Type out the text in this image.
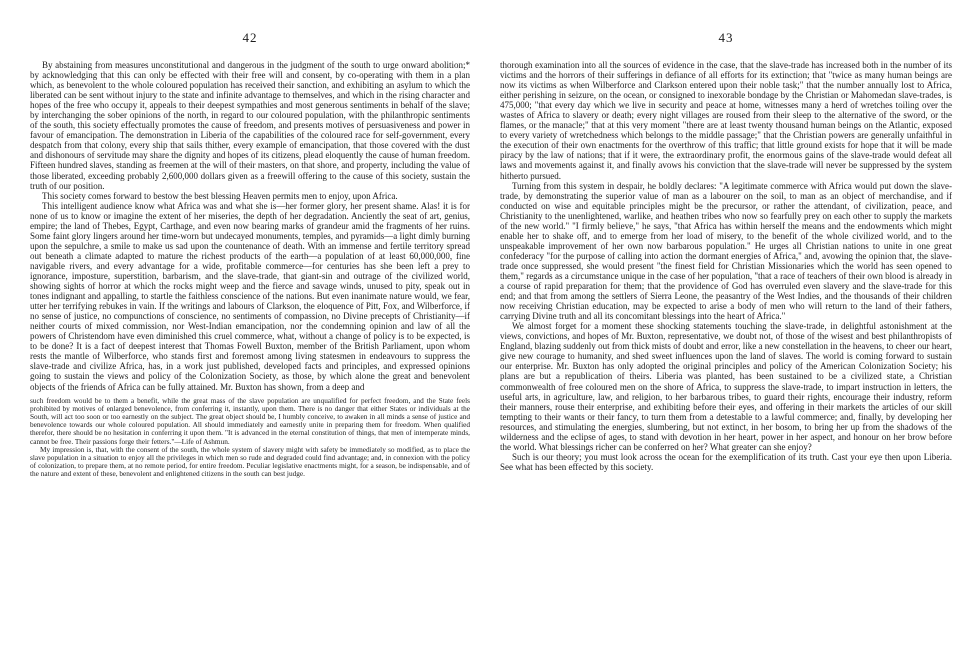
42

By abstaining from measures unconstitutional and dangerous in the judgment of the south to urge onward abolition;* by acknowledging that this can only be effected with their free will and consent, by co-operating with them in a plan which, as benevolent to the whole coloured population has received their sanction, and exhibiting an asylum to which the liberated can be sent without injury to the state and infinite advantage to themselves, and which in the rising character and hopes of the free who occupy it, appeals to their deepest sympathies and most generous sentiments in behalf of the slave; by interchanging the sober opinions of the north, in regard to our coloured population, with the philanthropic sentiments of the south, this society effectually promotes the cause of freedom, and presents motives of persuasiveness and power in favour of emancipation. The demonstration in Liberia of the capabilities of the coloured race for self-government, every despatch from that colony, every ship that sails thither, every example of emancipation, that those covered with the dust and dishonours of servitude may share the dignity and hopes of its citizens, plead eloquently the cause of human freedom. Fifteen hundred slaves, standing as freemen at the will of their masters, on that shore, and property, including the value of those liberated, exceeding probably 2,600,000 dollars given as a freewill offering to the cause of this society, sustain the truth of our position.

This society comes forward to bestow the best blessing Heaven permits men to enjoy, upon Africa.

This intelligent audience know what Africa was and what she is—her former glory, her present shame. Alas! it is for none of us to know or imagine the extent of her miseries, the depth of her degradation. Anciently the seat of art, genius, empire; the land of Thebes, Egypt, Carthage, and even now bearing marks of grandeur amid the fragments of her ruins. Some faint glory lingers around her time-worn but undecayed monuments, temples, and pyramids—a light dimly burning upon the sepulchre, a smile to make us sad upon the countenance of death. With an immense and fertile territory spread out beneath a climate adapted to mature the richest products of the earth—a population of at least 60,000,000, fine navigable rivers, and every advantage for a wide, profitable commerce—for centuries has she been left a prey to ignorance, imposture, superstition, barbarism, and the slave-trade, that giant-sin and outrage of the civilized world, showing sights of horror at which the rocks might weep and the fierce and savage winds, unused to pity, speak out in tones indignant and appalling, to startle the faithless conscience of the nations. But even inanimate nature would, we fear, utter her terrifying rebukes in vain. If the writings and labours of Clarkson, the eloquence of Pitt, Fox, and Wilberforce, if no sense of justice, no compunctions of conscience, no sentiments of compassion, no Divine precepts of Christianity—if neither courts of mixed commission, nor West-Indian emancipation, nor the condemning opinion and law of all the powers of Christendom have even diminished this cruel commerce, what, without a change of policy is to be expected, is to be done? It is a fact of deepest interest that Thomas Fowell Buxton, member of the British Parliament, upon whom rests the mantle of Wilberforce, who stands first and foremost among living statesmen in endeavours to suppress the slave-trade and civilize Africa, has, in a work just published, developed facts and principles, and expressed opinions going to sustain the views and policy of the Colonization Society, as those, by which alone the great and benevolent objects of the friends of Africa can be fully attained. Mr. Buxton has shown, from a deep and

such freedom would be to them a benefit, while the great mass of the slave population are unqualified for perfect freedom, and the State feels prohibited by motives of enlarged benevolence, from conferring it, instantly, upon them. There is no danger that either States or individuals at the South, will act too soon or too earnestly on the subject. The great object should be, I humbly conceive, to awaken in all minds a sense of justice and benevolence towards our whole coloured population. All should immediately and earnestly unite in preparing them for freedom. When qualified therefor, there should be no hesitation in conferring it upon them. "It is advanced in the eternal constitution of things, that men of intemperate minds, cannot be free. Their passions forge their fetters."—Life of Ashmun.

My impression is, that, with the consent of the south, the whole system of slavery might with safety be immediately so modified, as to place the slave population in a situation to enjoy all the privileges in which men so rude and degraded could find advantage; and, in connexion with the policy of colonization, to prepare them, at no remote period, for entire freedom. Peculiar legislative enactments might, for a season, be indispensable, and of the nature and extent of these, benevolent and enlightened citizens in the south can best judge.

43

thorough examination into all the sources of evidence in the case, that the slave-trade has increased both in the number of its victims and the horrors of their sufferings in defiance of all efforts for its extinction; that "twice as many human beings are now its victims as when Wilberforce and Clarkson entered upon their noble task;" that the number annually lost to Africa, either perishing in seizure, on the ocean, or consigned to inexorable bondage by the Christian or Mahomedan slave-trades, is 475,000; "that every day which we live in security and peace at home, witnesses many a herd of wretches toiling over the wastes of Africa to slavery or death; every night villages are roused from their sleep to the alternative of the sword, or the flames, or the manacle;" that at this very moment "there are at least twenty thousand human beings on the Atlantic, exposed to every variety of wretchedness which belongs to the middle passage;" that the Christian powers are generally unfaithful in the execution of their own enactments for the overthrow of this traffic; that little ground exists for hope that it will be made piracy by the law of nations; that if it were, the extraordinary profit, the enormous gains of the slave-trade would defeat all laws and movements against it, and finally avows his conviction that the slave-trade will never be suppressed by the system hitherto pursued.

Turning from this system in despair, he boldly declares: "A legitimate commerce with Africa would put down the slave-trade, by demonstrating the superior value of man as a labourer on the soil, to man as an object of merchandise, and if conducted on wise and equitable principles might be the precursor, or rather the attendant, of civilization, peace, and Christianity to the unenlightened, warlike, and heathen tribes who now so fearfully prey on each other to supply the markets of the new world." "I firmly believe," he says, "that Africa has within herself the means and the endowments which might enable her to shake off, and to emerge from her load of misery, to the benefit of the whole civilized world, and to the unspeakable improvement of her own now barbarous population." He urges all Christian nations to unite in one great confederacy "for the purpose of calling into action the dormant energies of Africa," and, avowing the opinion that, the slave-trade once suppressed, she would present "the finest field for Christian Missionaries which the world has seen opened to them," regards as a circumstance unique in the case of her population, "that a race of teachers of their own blood is already in a course of rapid preparation for them; that the providence of God has overruled even slavery and the slave-trade for this end; and that from among the settlers of Sierra Leone, the peasantry of the West Indies, and the thousands of their children now receiving Christian education, may be expected to arise a body of men who will return to the land of their fathers, carrying Divine truth and all its concomitant blessings into the heart of Africa."

We almost forget for a moment these shocking statements touching the slave-trade, in delightful astonishment at the views, convictions, and hopes of Mr. Buxton, representative, we doubt not, of those of the wisest and best philanthropists of England, blazing suddenly out from thick mists of doubt and error, like a new constellation in the heavens, to cheer our heart, give new courage to humanity, and shed sweet influences upon the land of slaves. The world is coming forward to sustain our enterprise. Mr. Buxton has only adopted the original principles and policy of the American Colonization Society; his plans are but a republication of theirs. Liberia was planted, has been sustained to be a civilized state, a Christian commonwealth of free coloured men on the shore of Africa, to suppress the slave-trade, to impart instruction in letters, the useful arts, in agriculture, law, and religion, to her barbarous tribes, to guard their rights, encourage their industry, reform their manners, rouse their enterprise, and exhibiting before their eyes, and offering in their markets the articles of our skill tempting to their wants or their fancy, to turn them from a detestable to a lawful commerce; and, finally, by developing her resources, and stimulating the energies, slumbering, but not extinct, in her bosom, to bring her up from the shadows of the wilderness and the eclipse of ages, to stand with devotion in her heart, power in her aspect, and honour on her brow before the world. What blessings richer can be conferred on her? What greater can she enjoy?

Such is our theory; you must look across the ocean for the exemplification of its truth. Cast your eye then upon Liberia. See what has been effected by this society.
